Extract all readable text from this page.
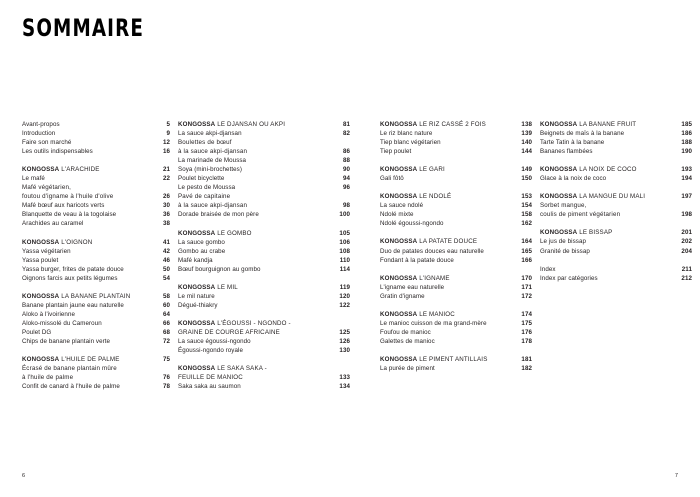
SOMMAIRE
Avant-propos	5
Introduction	9
Faire son marché	12
Les outils indispensables	16
KONGOSSA L'ARACHIDE	21
Le mafé	22
Mafé végétarien,
foutou d'igname à l'huile d'olive	26
Mafé bœuf aux haricots verts	30
Blanquette de veau à la togolaise	36
Arachides au caramel	38
KONGOSSA L'OIGNON	41
Yassa végétarien	42
Yassa poulet	46
Yassa burger, frites de patate douce	50
Oignons farcis aux petits légumes	54
KONGOSSA LA BANANE PLANTAIN	58
Banane plantain jaune eau naturelle	60
Aloko à l'ivoirienne	64
Aloko-missolé du Cameroun	66
Poulet DG	68
Chips de banane plantain verte	72
KONGOSSA L'HUILE DE PALME	75
Écrasé de banane plantain mûre
à l'huile de palme	76
Confit de canard à l'huile de palme	78
KONGOSSA LE DJANSAN OU AKPI	81
La sauce akpi-djansan	82
Boulettes de bœuf
à la sauce akpi-djansan	86
La marinade de Moussa	88
Soya (mini-brochettes)	90
Poulet bicyclette	94
Le pesto de Moussa	96
Pavé de capitaine
à la sauce akpi-djansan	98
Dorade braisée de mon père	100
KONGOSSA LE GOMBO	105
La sauce gombo	106
Gombo au crabe	108
Mafé kandja	110
Bœuf bourguignon au gombo	114
KONGOSSA LE MIL	119
Le mil nature	120
Dégué-thiakry	122
KONGOSSA L'ÉGOUSSI - NGONDO -
GRAINE DE COURGE AFRICAINE	125
La sauce égoussi-ngondo	126
Égoussi-ngondo royale	130
KONGOSSA LE SAKA SAKA -
FEUILLE DE MANIOC	133
Saka saka au saumon	134
KONGOSSA LE RIZ CASSÉ 2 FOIS	138
Le riz blanc nature	139
Tiep blanc végétarien	140
Tiep poulet	144
KONGOSSA LE GARI	149
Gali fôtô	150
KONGOSSA LE NDOLÉ	153
La sauce ndolé	154
Ndolé mixte	158
Ndolé égoussi-ngondo	162
KONGOSSA LA PATATE DOUCE	164
Duo de patates douces eau naturelle	165
Fondant à la patate douce	166
KONGOSSA L'IGNAME	170
L'igname eau naturelle	171
Gratin d'igname	172
KONGOSSA LE MANIOC	174
Le manioc cuisson de ma grand-mère	175
Foufou de manioc	176
Galettes de manioc	178
KONGOSSA LE PIMENT ANTILLAIS	181
La purée de piment	182
KONGOSSA LA BANANE FRUIT	185
Beignets de maïs à la banane	186
Tarte Tatin à la banane	188
Bananes flambées	190
KONGOSSA LA NOIX DE COCO	193
Glace à la noix de coco	194
KONGOSSA LA MANGUE DU MALI	197
Sorbet mangue,
coulis de piment végétarien	198
KONGOSSA LE BISSAP	201
Le jus de bissap	202
Granité de bissap	204
Index	211
Index par catégories	212
6	7
